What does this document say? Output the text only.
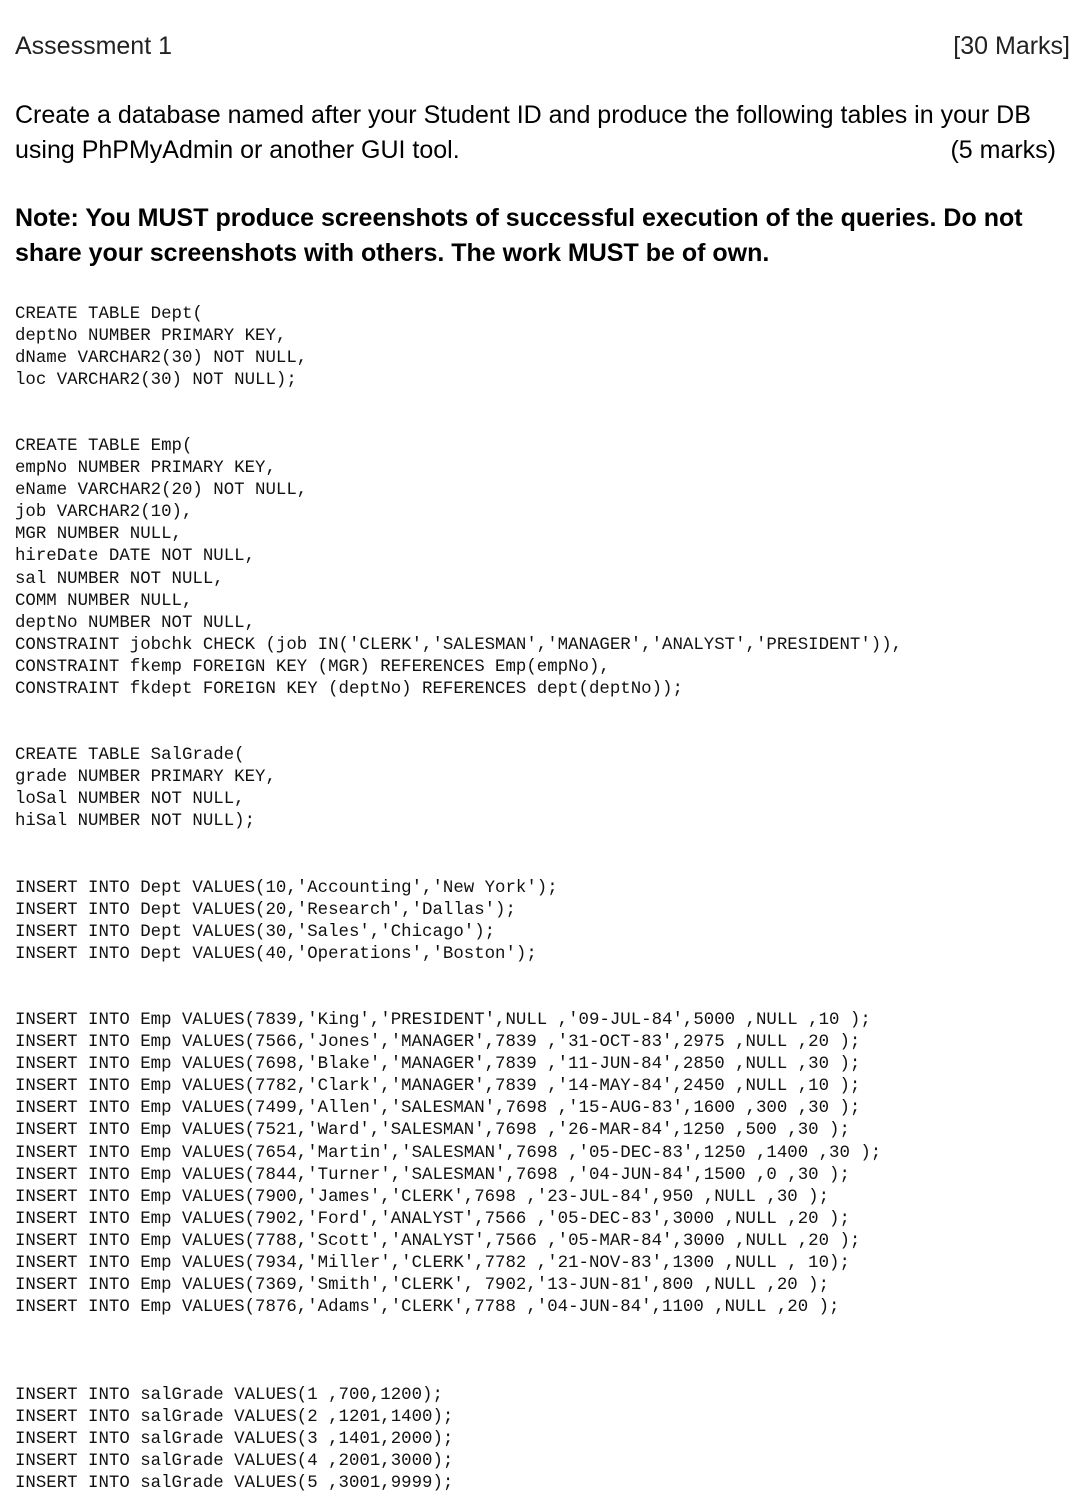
Assessment 1	[30 Marks]
Create a database named after your Student ID and produce the following tables in your DB
using PhPMyAdmin or another GUI tool.	(5 marks)
Note: You MUST produce screenshots of successful execution of the queries. Do not share your screenshots with others. The work MUST be of own.
CREATE TABLE Dept(
deptNo NUMBER PRIMARY KEY,
dName VARCHAR2(30) NOT NULL,
loc VARCHAR2(30) NOT NULL);
CREATE TABLE Emp(
empNo NUMBER PRIMARY KEY,
eName VARCHAR2(20) NOT NULL,
job VARCHAR2(10),
MGR NUMBER NULL,
hireDate DATE NOT NULL,
sal NUMBER NOT NULL,
COMM NUMBER NULL,
deptNo NUMBER NOT NULL,
CONSTRAINT jobchk CHECK (job IN('CLERK','SALESMAN','MANAGER','ANALYST','PRESIDENT')),
CONSTRAINT fkemp FOREIGN KEY (MGR) REFERENCES Emp(empNo),
CONSTRAINT fkdept FOREIGN KEY (deptNo) REFERENCES dept(deptNo));
CREATE TABLE SalGrade(
grade NUMBER PRIMARY KEY,
loSal NUMBER NOT NULL,
hiSal NUMBER NOT NULL);
INSERT INTO Dept VALUES(10,'Accounting','New York');
INSERT INTO Dept VALUES(20,'Research','Dallas');
INSERT INTO Dept VALUES(30,'Sales','Chicago');
INSERT INTO Dept VALUES(40,'Operations','Boston');
INSERT INTO Emp VALUES(7839,'King','PRESIDENT',NULL ,'09-JUL-84',5000 ,NULL ,10 );
INSERT INTO Emp VALUES(7566,'Jones','MANAGER',7839 ,'31-OCT-83',2975 ,NULL ,20 );
INSERT INTO Emp VALUES(7698,'Blake','MANAGER',7839 ,'11-JUN-84',2850 ,NULL ,30 );
INSERT INTO Emp VALUES(7782,'Clark','MANAGER',7839 ,'14-MAY-84',2450 ,NULL ,10 );
INSERT INTO Emp VALUES(7499,'Allen','SALESMAN',7698 ,'15-AUG-83',1600 ,300 ,30 );
INSERT INTO Emp VALUES(7521,'Ward','SALESMAN',7698 ,'26-MAR-84',1250 ,500 ,30 );
INSERT INTO Emp VALUES(7654,'Martin','SALESMAN',7698 ,'05-DEC-83',1250 ,1400 ,30 );
INSERT INTO Emp VALUES(7844,'Turner','SALESMAN',7698 ,'04-JUN-84',1500 ,0 ,30 );
INSERT INTO Emp VALUES(7900,'James','CLERK',7698 ,'23-JUL-84',950 ,NULL ,30 );
INSERT INTO Emp VALUES(7902,'Ford','ANALYST',7566 ,'05-DEC-83',3000 ,NULL ,20 );
INSERT INTO Emp VALUES(7788,'Scott','ANALYST',7566 ,'05-MAR-84',3000 ,NULL ,20 );
INSERT INTO Emp VALUES(7934,'Miller','CLERK',7782 ,'21-NOV-83',1300 ,NULL , 10);
INSERT INTO Emp VALUES(7369,'Smith','CLERK', 7902,'13-JUN-81',800 ,NULL ,20 );
INSERT INTO Emp VALUES(7876,'Adams','CLERK',7788 ,'04-JUN-84',1100 ,NULL ,20 );
INSERT INTO salGrade VALUES(1 ,700,1200);
INSERT INTO salGrade VALUES(2 ,1201,1400);
INSERT INTO salGrade VALUES(3 ,1401,2000);
INSERT INTO salGrade VALUES(4 ,2001,3000);
INSERT INTO salGrade VALUES(5 ,3001,9999);
